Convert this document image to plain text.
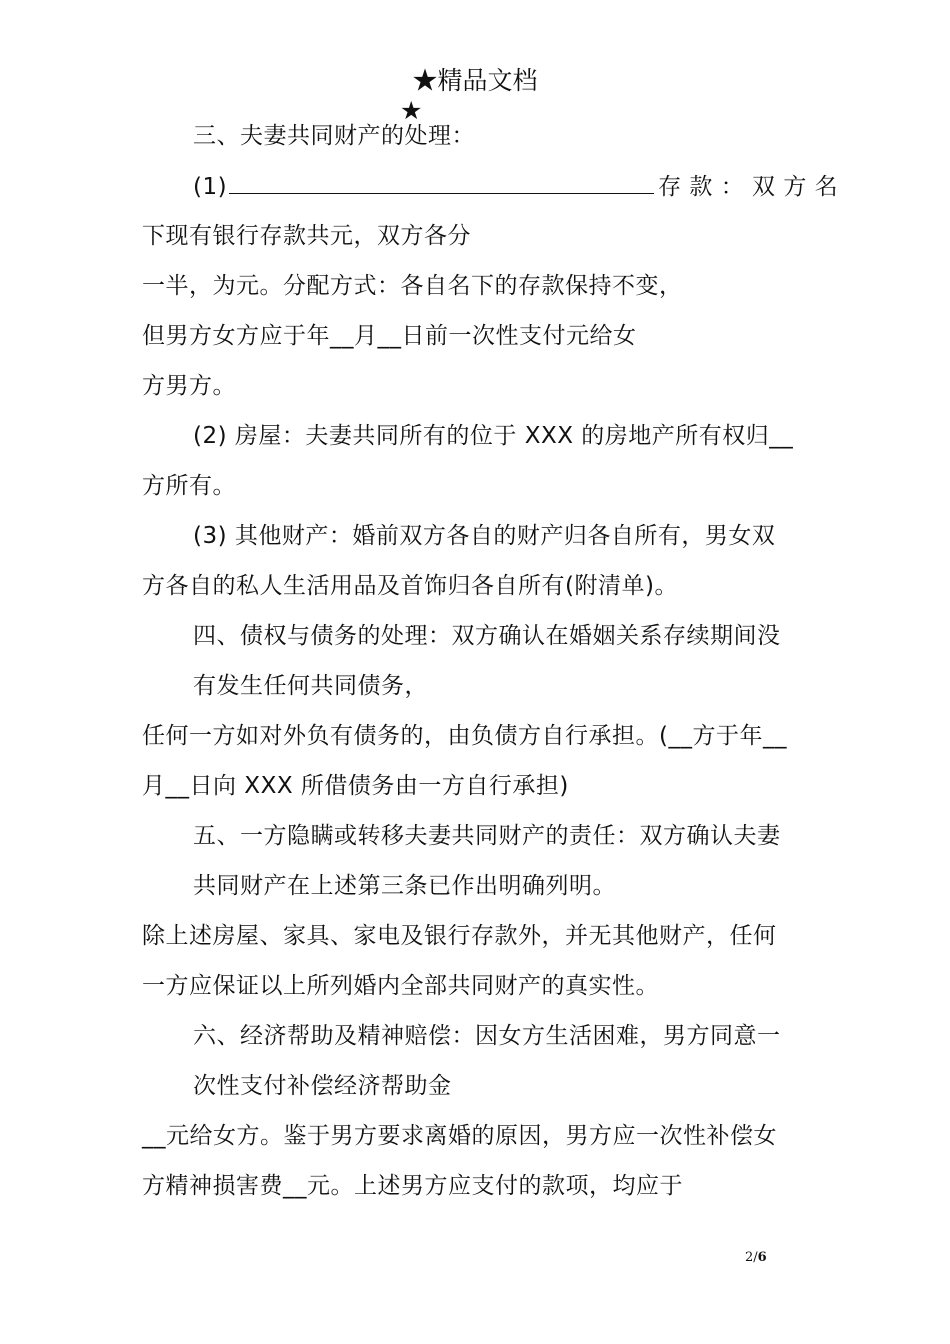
★精品文档
★
三、夫妻共同财产的处理：
(1)	存 款 ： 双 方 名
下现有银行存款共元，双方各分
一半，为元。分配方式：各自名下的存款保持不变，
但男方女方应于年__月__日前一次性支付元给女
方男方。
(2) 房屋：夫妻共同所有的位于 XXX 的房地产所有权归__
方所有。
(3) 其他财产：婚前双方各自的财产归各自所有，男女双
方各自的私人生活用品及首饰归各自所有(附清单)。
四、债权与债务的处理：双方确认在婚姻关系存续期间没
有发生任何共同债务，
任何一方如对外负有债务的，由负债方自行承担。(__方于年__
月__日向 XXX 所借债务由一方自行承担)
五、一方隐瞒或转移夫妻共同财产的责任：双方确认夫妻
共同财产在上述第三条已作出明确列明。
除上述房屋、家具、家电及银行存款外，并无其他财产，任何
一方应保证以上所列婚内全部共同财产的真实性。
六、经济帮助及精神赔偿：因女方生活困难，男方同意一
次性支付补偿经济帮助金
__元给女方。鉴于男方要求离婚的原因，男方应一次性补偿女
方精神损害费__元。上述男方应支付的款项，均应于
2/6
